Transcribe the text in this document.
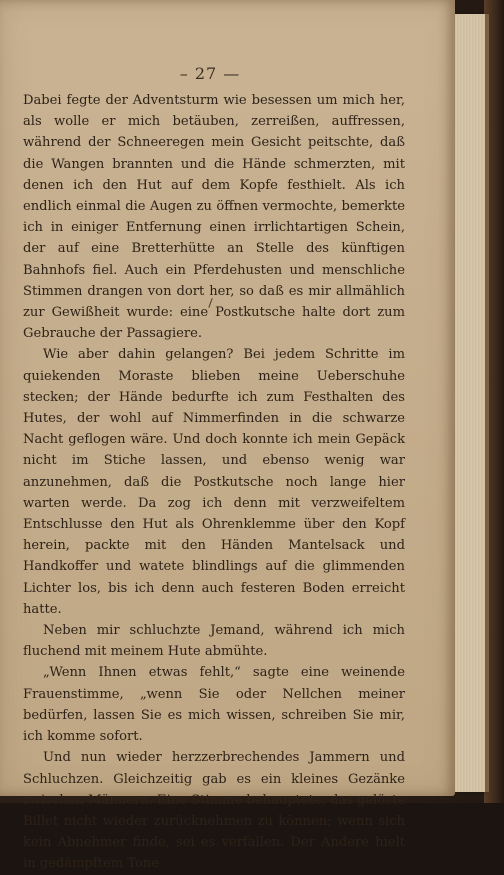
– 27 —

Dabei fegte der Adventsturm wie besessen um mich her, als wolle er mich betäuben, zerreißen, auffressen, während der Schneeregen mein Gesicht peitschte, daß die Wangen brannten und die Hände schmerzten, mit denen ich den Hut auf dem Kopfe festhielt. Als ich endlich einmal die Augen zu öffnen vermochte, bemerkte ich in einiger Entfernung einen irrlichtartigen Schein, der auf eine Bretterhütte an Stelle des künftigen Bahnhofs fiel. Auch ein Pferdehusten und menschliche Stimmen drangen von dort her, so daß es mir allmählich zur Gewißheit wurde: eine Postkutsche halte dort zum Gebrauche der Passagiere.

Wie aber dahin gelangen? Bei jedem Schritte im quiekenden Moraste blieben meine Ueberschuhe stecken; der Hände bedurfte ich zum Festhalten des Hutes, der wohl auf Nimmerfinden in die schwarze Nacht geflogen wäre. Und doch konnte ich mein Gepäck nicht im Stiche lassen, und ebenso wenig war anzunehmen, daß die Postkutsche noch lange hier warten werde. Da zog ich denn mit verzweifeltem Entschlusse den Hut als Ohrenklemme über den Kopf herein, packte mit den Händen Mantelsack und Handkoffer und watete blindlings auf die glimmenden Lichter los, bis ich denn auch festeren Boden erreicht hatte.

Neben mir schluchzte Jemand, während ich mich fluchend mit meinem Hute abmühte.

„Wenn Ihnen etwas fehlt,“ sagte eine weinende Frauenstimme, „wenn Sie oder Nellchen meiner bedürfen, lassen Sie es mich wissen, schreiben Sie mir, ich komme sofort.

Und nun wieder herzzerbrechendes Jammern und Schluchzen. Gleichzeitig gab es ein kleines Gezänke zwischen Männern. Eine Stimme behauptete, das gelöste Billet nicht wieder zurücknehmen zu können; wenn sich kein Abnehmer finde, sei es verfallen. Der Andere hielt in gedämpftem Tone
